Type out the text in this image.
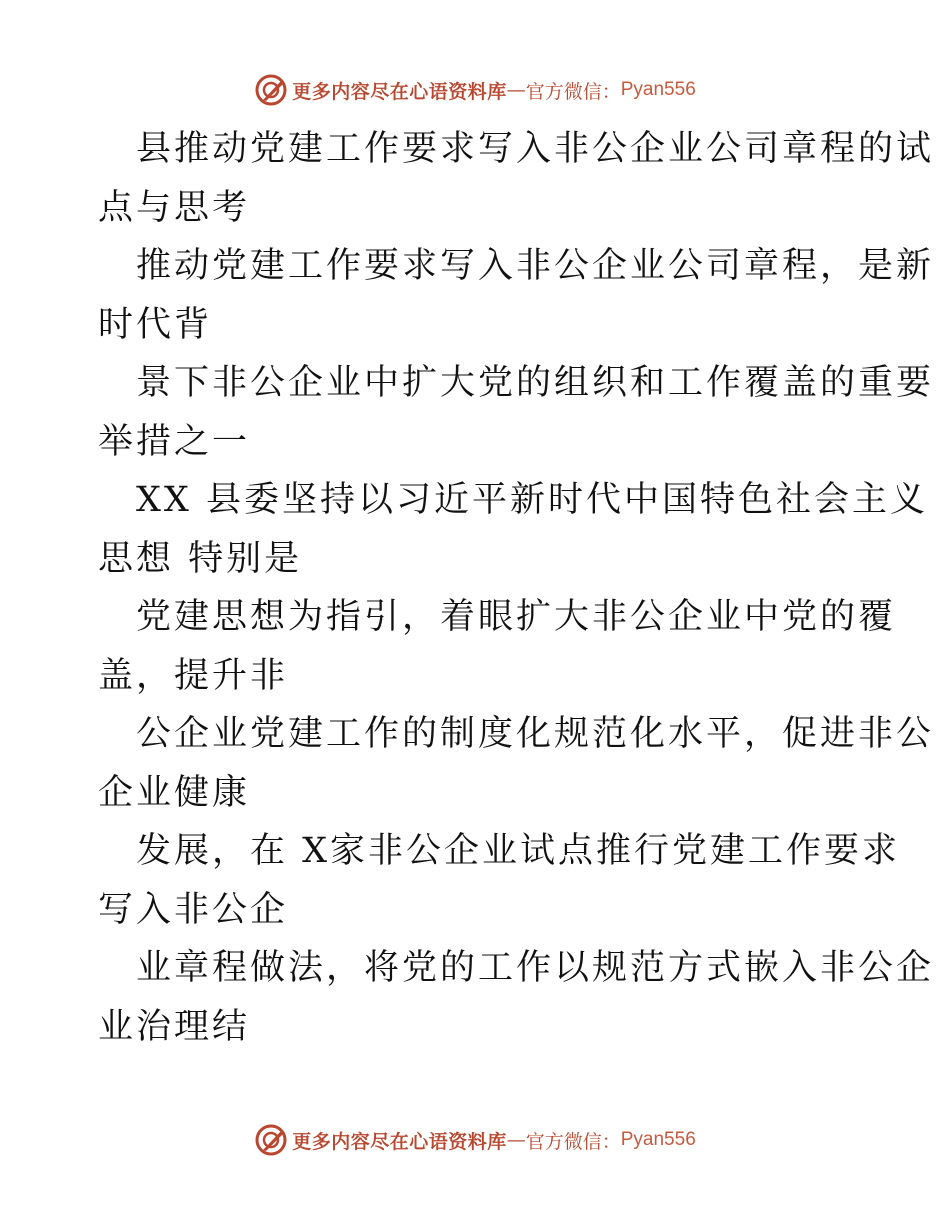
更多内容尽在心语资料库 — 官方微信： Pyan556
县推动党建工作要求写入非公企业公司章程的试
点与思考
推动党建工作要求写入非公企业公司章程，是新
时代背
景下非公企业中扩大党的组织和工作覆盖的重要
举措之一
XX 县委坚持以习近平新时代中国特色社会主义
思想 特别是
党建思想为指引，着眼扩大非公企业中党的覆
盖，提升非
公企业党建工作的制度化规范化水平，促进非公
企业健康
发展，在 X家非公企业试点推行党建工作要求
写入非公企
业章程做法，将党的工作以规范方式嵌入非公企
业治理结
更多内容尽在心语资料库 — 官方微信： Pyan556
